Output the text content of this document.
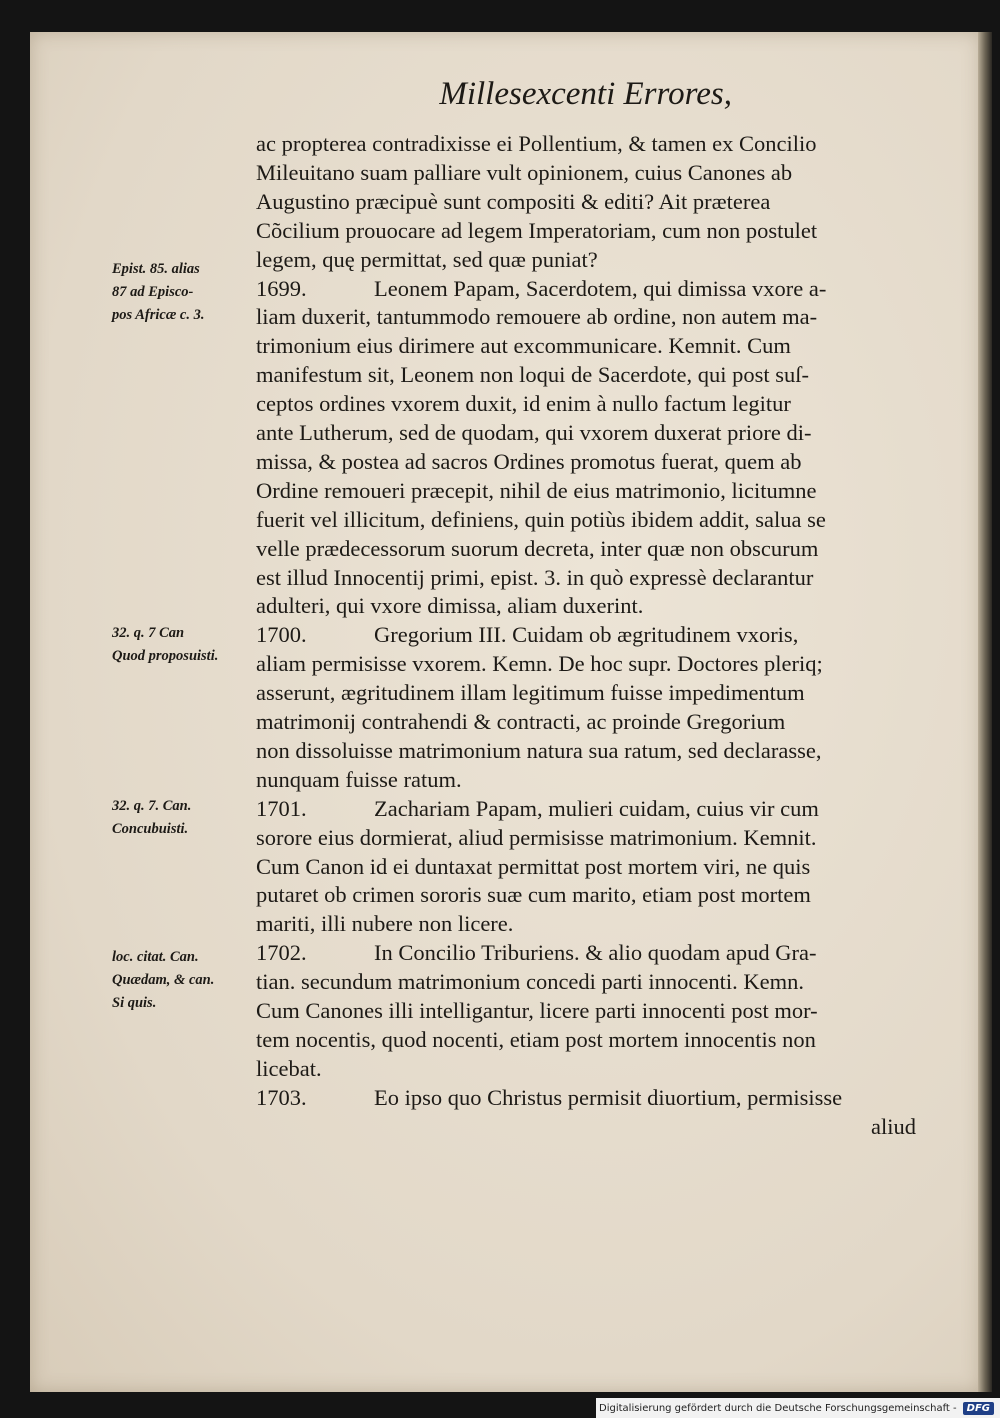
Millesexcenti Errores,
Epist. 85. alias
87 ad Episco-
pos Africæ c. 3.
32. q. 7 Can
Quod proposuisti.
32. q. 7. Can.
Concubuisti.
loc. citat. Can.
Quædam, & can.
Si quis.
ac propterea contradixisse ei Pollentium, & tamen ex Concilio
Mileuitano suam palliare vult opinionem, cuius Canones ab
Augustino præcipuè sunt compositi & editi? Ait præterea
Cõcilium prouocare ad legem Imperatoriam, cum non postulet
legem, quę permittat, sed quæ puniat?
1699.	Leonem Papam, Sacerdotem, qui dimissa vxore a-
liam duxerit, tantummodo remouere ab ordine, non autem ma-
trimonium eius dirimere aut excommunicare. Kemnit. Cum
manifestum sit, Leonem non loqui de Sacerdote, qui post suſ-
ceptos ordines vxorem duxit, id enim à nullo factum legitur
ante Lutherum, sed de quodam, qui vxorem duxerat priore di-
missa, & postea ad sacros Ordines promotus fuerat, quem ab
Ordine remoueri præcepit, nihil de eius matrimonio, licitumne
fuerit vel illicitum, definiens, quin potiùs ibidem addit, salua se
velle prædecessorum suorum decreta, inter quæ non obscurum
est illud Innocentij primi, epist. 3. in quò expressè declarantur
adulteri, qui vxore dimissa, aliam duxerint.
1700.	Gregorium III. Cuidam ob ægritudinem vxoris,
aliam permisisse vxorem. Kemn. De hoc supr. Doctores pleriq;
asserunt, ægritudinem illam legitimum fuisse impedimentum
matrimonij contrahendi & contracti, ac proinde Gregorium
non dissoluisse matrimonium natura sua ratum, sed declarasse,
nunquam fuisse ratum.
1701.	Zachariam Papam, mulieri cuidam, cuius vir cum
sorore eius dormierat, aliud permisisse matrimonium. Kemnit.
Cum Canon id ei duntaxat permittat post mortem viri, ne quis
putaret ob crimen sororis suæ cum marito, etiam post mortem
mariti, illi nubere non licere.
1702.	In Concilio Triburiens. & alio quodam apud Gra-
tian. secundum matrimonium concedi parti innocenti. Kemn.
Cum Canones illi intelligantur, licere parti innocenti post mor-
tem nocentis, quod nocenti, etiam post mortem innocentis non
licebat.
1703.	Eo ipso quo Christus permisit diuortium, permisisse
aliud
Digitalisierung gefördert durch die Deutsche Forschungsgemeinschaft -	DFG
